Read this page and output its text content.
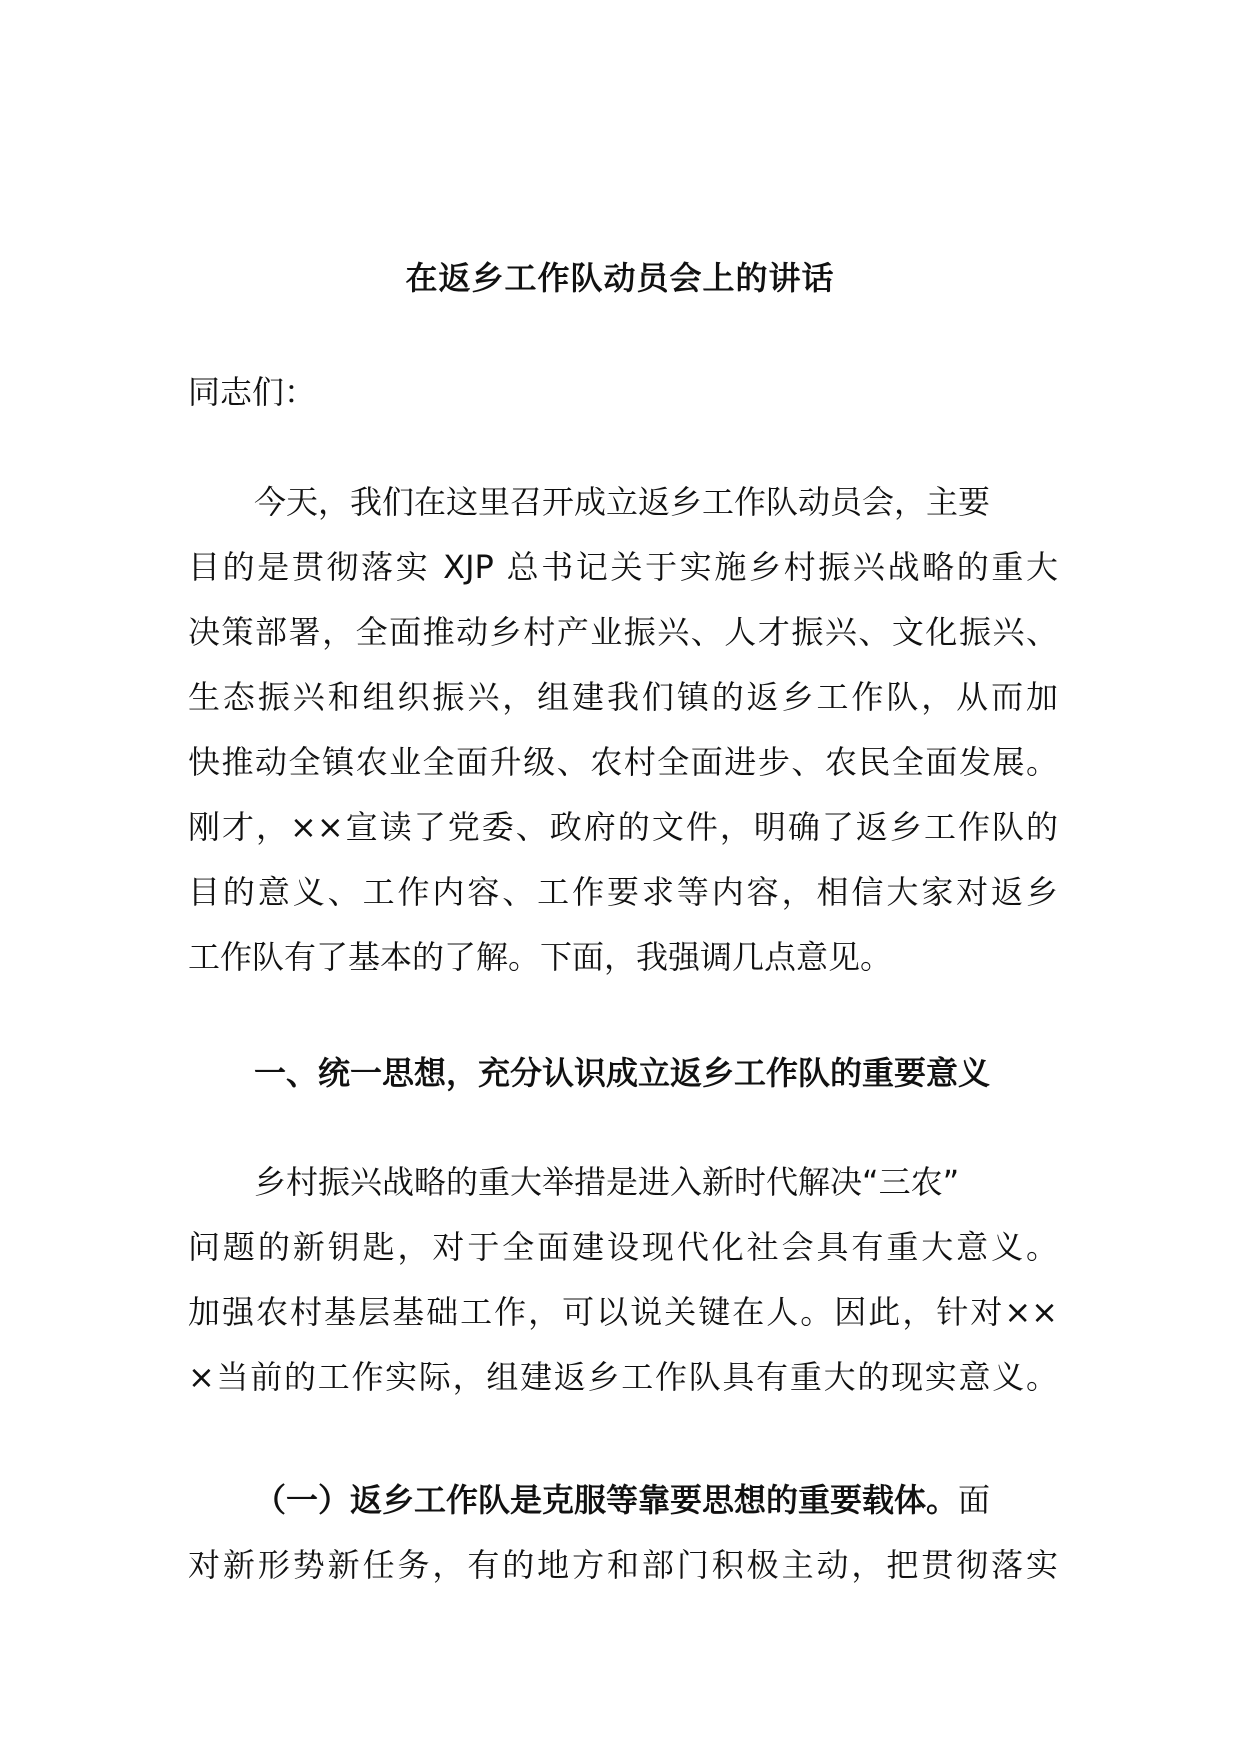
在返乡工作队动员会上的讲话
同志们：
今天，我们在这里召开成立返乡工作队动员会，主要
目的是贯彻落实 XJP 总书记关于实施乡村振兴战略的重大
决策部署，全面推动乡村产业振兴、人才振兴、文化振兴、
生态振兴和组织振兴，组建我们镇的返乡工作队，从而加
快推动全镇农业全面升级、农村全面进步、农民全面发展。
刚才，××宣读了党委、政府的文件，明确了返乡工作队的
目的意义、工作内容、工作要求等内容，相信大家对返乡
工作队有了基本的了解。下面，我强调几点意见。
一、统一思想，充分认识成立返乡工作队的重要意义
乡村振兴战略的重大举措是进入新时代解决“三农”
问题的新钥匙，对于全面建设现代化社会具有重大意义。
加强农村基层基础工作，可以说关键在人。因此，针对××
×当前的工作实际，组建返乡工作队具有重大的现实意义。
（一）返乡工作队是克服等靠要思想的重要载体。面
对新形势新任务，有的地方和部门积极主动，把贯彻落实
